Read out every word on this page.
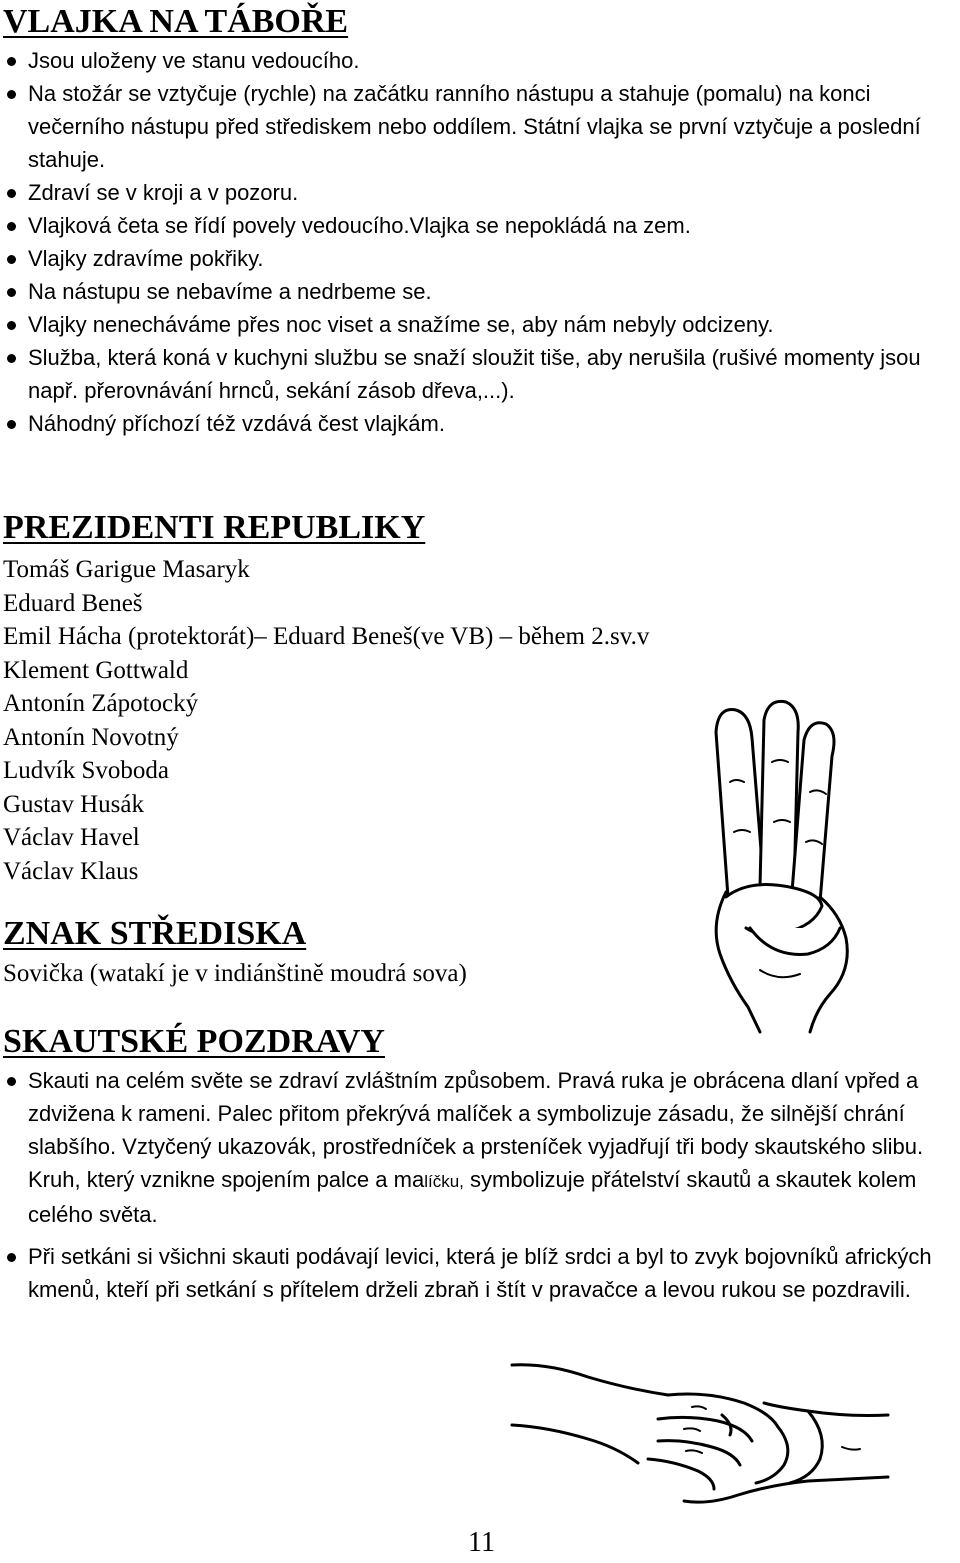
VLAJKA NA TÁBOŘE
Jsou uloženy ve stanu vedoucího.
Na stožár se vztyčuje (rychle) na začátku ranního nástupu a stahuje (pomalu) na konci večerního nástupu před střediskem nebo oddílem. Státní vlajka se první vztyčuje a poslední stahuje.
Zdraví se v kroji a v pozoru.
Vlajková četa se řídí povely vedoucího.Vlajka se nepokládá na zem.
Vlajky zdravíme pokřiky.
Na nástupu se nebavíme a nedrbeme se.
Vlajky nenecháváme přes noc viset a snažíme se, aby nám nebyly odcizeny.
Služba, která koná v kuchyni službu se snaží sloužit tiše, aby nerušila (rušivé momenty jsou např. přerovnávání hrnců, sekání zásob dřeva,...).
Náhodný příchozí též vzdává čest vlajkám.
PREZIDENTI REPUBLIKY
Tomáš Garigue Masaryk
Eduard Beneš
Emil Hácha (protektorát)– Eduard Beneš(ve VB) – během 2.sv.v
Klement Gottwald
Antonín Zápotocký
Antonín Novotný
Ludvík Svoboda
Gustav Husák
Václav Havel
Václav Klaus
ZNAK STŘEDISKA
Sovička (watakí je v indiánštině moudrá sova)
SKAUTSKÉ POZDRAVY
Skauti na celém světe se zdraví zvláštním způsobem. Pravá ruka je obrácena dlaní vpřed a zdvižena k rameni. Palec přitom překrývá malíček a symbolizuje zásadu, že silnější chrání slabšího. Vztyčený ukazovák, prostředníček a prsteníček vyjadřují tři body skautského slibu. Kruh, který vznikne spojením palce a malíčku, symbolizuje přátelství skautů a skautek kolem celého světa.
Při setkáni si všichni skauti podávají levici, která je blíž srdci a byl to zvyk bojovníků afrických kmenů, kteří při setkání s přítelem drželi zbraň i štít v pravačce a levou rukou se pozdravili.
11
